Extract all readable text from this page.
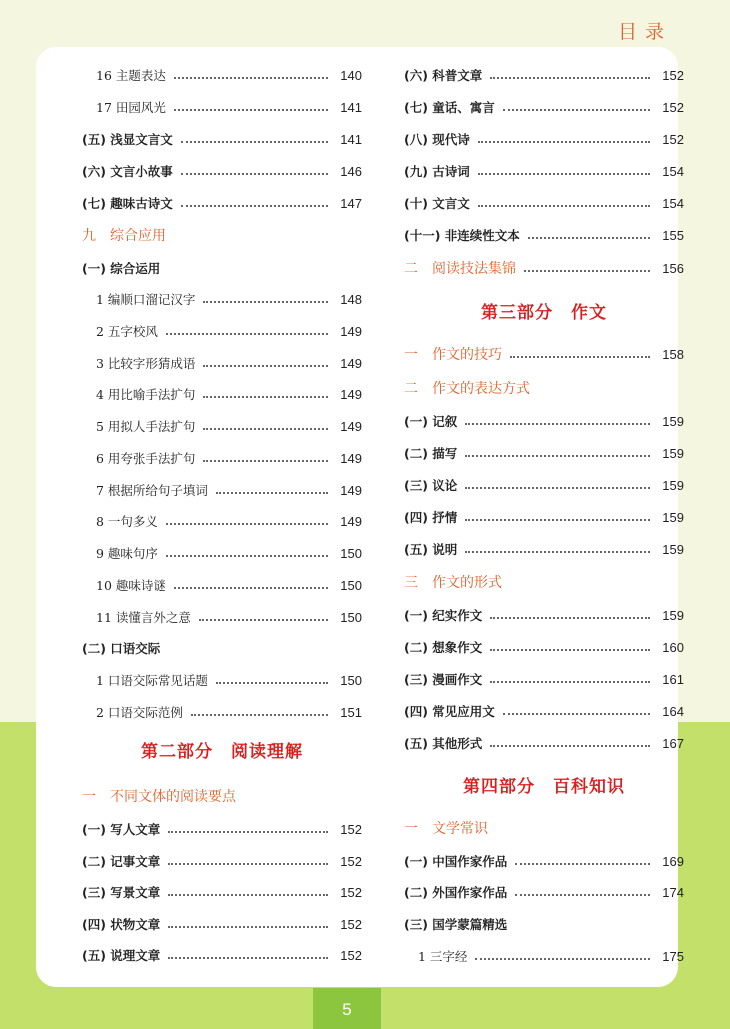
5
目录
16 主题表达	140
17 田园风光	141
(五) 浅显文言文	141
(六) 文言小故事	146
(七) 趣味古诗文	147
九 综合应用
(一) 综合运用
1 编顺口溜记汉字	148
2 五字校风	149
3 比较字形猜成语	149
4 用比喻手法扩句	149
5 用拟人手法扩句	149
6 用夸张手法扩句	149
7 根据所给句子填词	149
8 一句多义	149
9 趣味句序	150
10 趣味诗谜	150
11 读懂言外之意	150
(二) 口语交际
1 口语交际常见话题	150
2 口语交际范例	151
第二部分　阅读理解
一 不同文体的阅读要点
(一) 写人文章	152
(二) 记事文章	152
(三) 写景文章	152
(四) 状物文章	152
(五) 说理文章	152
(六) 科普文章	152
(七) 童话、寓言	152
(八) 现代诗	152
(九) 古诗词	154
(十) 文言文	154
(十一) 非连续性文本	155
二 阅读技法集锦	156
第三部分　作文
一 作文的技巧	158
二 作文的表达方式
(一) 记叙	159
(二) 描写	159
(三) 议论	159
(四) 抒情	159
(五) 说明	159
三 作文的形式
(一) 纪实作文	159
(二) 想象作文	160
(三) 漫画作文	161
(四) 常见应用文	164
(五) 其他形式	167
第四部分　百科知识
一 文学常识
(一) 中国作家作品	169
(二) 外国作家作品	174
(三) 国学蒙篇精选
1 三字经	175
